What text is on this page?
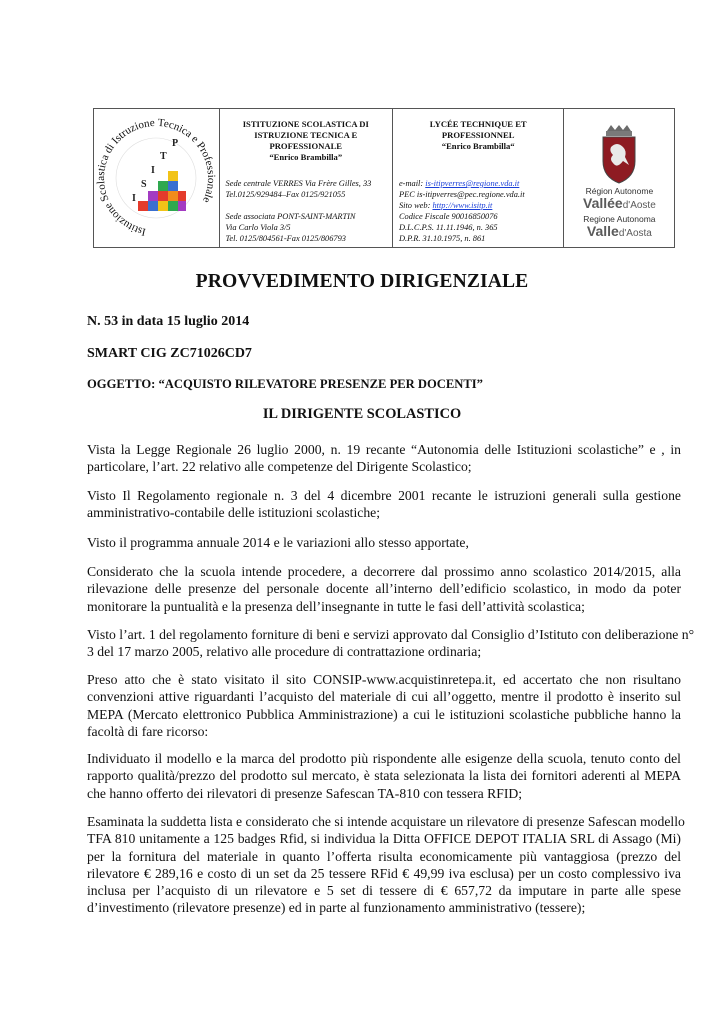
Istituzione Scolastica di Istruzione Tecnica e Professionale
I
S
I
T
P
ISTITUZIONE SCOLASTICA DI
ISTRUZIONE TECNICA E
PROFESSIONALE
“Enrico Brambilla”
Sede centrale VERRES Via Frère Gilles, 33
Tel.0125/929484–Fax 0125/921055
Sede associata PONT-SAINT-MARTIN
Via Carlo Viola 3/5
Tel. 0125/804561-Fax 0125/806793
LYCÉE TECHNIQUE ET
PROFESSIONNEL
“Enrico Brambilla“
e-mail: is-itipverres@regione.vda.it
PEC is-itipverres@pec.regione.vda.it
Sito web: http://www.isitp.it
Codice Fiscale 90016850076
D.L.C.P.S. 11.11.1946, n. 365
D.P.R. 31.10.1975, n. 861
Région Autonome
Valléed'Aoste
Regione Autonoma
Valled'Aosta
PROVVEDIMENTO DIRIGENZIALE
N. 53 in data 15 luglio 2014
SMART CIG ZC71026CD7
OGGETTO: “ACQUISTO RILEVATORE PRESENZE PER DOCENTI”
IL DIRIGENTE SCOLASTICO
Vista la Legge Regionale 26 luglio 2000, n. 19 recante “Autonomia delle Istituzioni scolastiche” e , in
particolare, l’art. 22 relativo alle competenze del Dirigente Scolastico;
Visto Il Regolamento regionale n. 3 del 4 dicembre 2001 recante le istruzioni generali sulla gestione
amministrativo-contabile delle istituzioni scolastiche;
Visto il programma annuale 2014 e le variazioni allo stesso apportate,
Considerato che la scuola intende procedere, a decorrere dal prossimo anno scolastico 2014/2015, alla
rilevazione delle presenze del personale docente all’interno dell’edificio scolastico, in modo da poter
monitorare la puntualità e la presenza dell’insegnante in tutte le fasi dell’attività scolastica;
Visto l’art. 1 del regolamento forniture di beni e servizi approvato dal Consiglio d’Istituto con deliberazione n°
3 del 17 marzo 2005, relativo alle procedure di contrattazione ordinaria;
Preso atto che è stato visitato il sito CONSIP-www.acquistinretepa.it, ed accertato che non risultano
convenzioni attive riguardanti l’acquisto del materiale di cui all’oggetto, mentre il prodotto è inserito sul
MEPA (Mercato elettronico Pubblica Amministrazione) a cui le istituzioni scolastiche pubbliche hanno la
facoltà di fare ricorso:
Individuato il modello e la marca del prodotto più rispondente alle esigenze della scuola, tenuto conto del
rapporto qualità/prezzo del prodotto sul mercato, è stata selezionata la lista dei fornitori aderenti al MEPA
che hanno offerto dei rilevatori di presenze Safescan TA-810 con tessera RFID;
Esaminata la suddetta lista e considerato che si intende acquistare un rilevatore di presenze Safescan modello
TFA 810 unitamente a 125 badges Rfid, si individua la Ditta OFFICE DEPOT ITALIA SRL di Assago (Mi)
per la fornitura del materiale in quanto l’offerta risulta economicamente più vantaggiosa (prezzo del
rilevatore € 289,16 e costo di un set da 25 tessere RFid € 49,99 iva esclusa) per un costo complessivo iva
inclusa per l’acquisto di un rilevatore e 5 set di tessere di € 657,72 da imputare in parte alle spese
d’investimento (rilevatore presenze) ed in parte al funzionamento amministrativo (tessere);
